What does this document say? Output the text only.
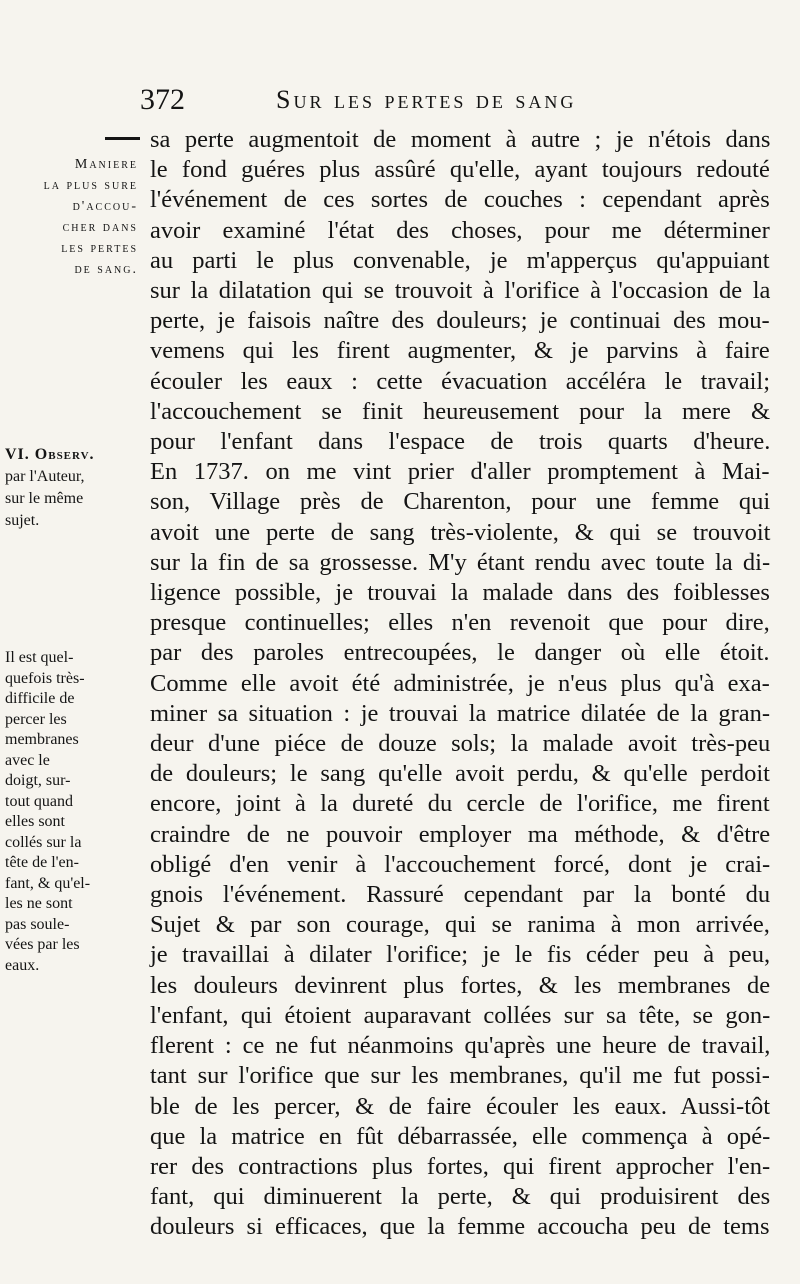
372	Sur les pertes de sang
Maniere
la plus sure
d'accou-
cher dans
les pertes
de sang.
VI. Observ.
par l'Auteur,
sur le même
sujet.
Il est quel-
quefois très-
difficile de
percer les
membranes
avec le
doigt, sur-
tout quand
elles sont
collés sur la
tête de l'en-
fant, & qu'el-
les ne sont
pas soule-
vées par les
eaux.
sa perte augmentoit de moment à autre ; je n'étois dans
le fond guéres plus assûré qu'elle, ayant toujours redouté
l'événement de ces sortes de couches : cependant après
avoir examiné l'état des choses, pour me déterminer
au parti le plus convenable, je m'apperçus qu'appuiant
sur la dilatation qui se trouvoit à l'orifice à l'occasion de la
perte, je faisois naître des douleurs; je continuai des mou-
vemens qui les firent augmenter, & je parvins à faire
écouler les eaux : cette évacuation accéléra le travail;
l'accouchement se finit heureusement pour la mere &
pour l'enfant dans l'espace de trois quarts d'heure.
En 1737. on me vint prier d'aller promptement à Mai-
son, Village près de Charenton, pour une femme qui
avoit une perte de sang très-violente, & qui se trouvoit
sur la fin de sa grossesse. M'y étant rendu avec toute la di-
ligence possible, je trouvai la malade dans des foiblesses
presque continuelles; elles n'en revenoit que pour dire,
par des paroles entrecoupées, le danger où elle étoit.
Comme elle avoit été administrée, je n'eus plus qu'à exa-
miner sa situation : je trouvai la matrice dilatée de la gran-
deur d'une piéce de douze sols; la malade avoit très-peu
de douleurs; le sang qu'elle avoit perdu, & qu'elle perdoit
encore, joint à la dureté du cercle de l'orifice, me firent
craindre de ne pouvoir employer ma méthode, & d'être
obligé d'en venir à l'accouchement forcé, dont je crai-
gnois l'événement. Rassuré cependant par la bonté du
Sujet & par son courage, qui se ranima à mon arrivée,
je travaillai à dilater l'orifice; je le fis céder peu à peu,
les douleurs devinrent plus fortes, & les membranes de
l'enfant, qui étoient auparavant collées sur sa tête, se gon-
flerent : ce ne fut néanmoins qu'après une heure de travail,
tant sur l'orifice que sur les membranes, qu'il me fut possi-
ble de les percer, & de faire écouler les eaux. Aussi-tôt
que la matrice en fût débarrassée, elle commença à opé-
rer des contractions plus fortes, qui firent approcher l'en-
fant, qui diminuerent la perte, & qui produisirent des
douleurs si efficaces, que la femme accoucha peu de tems
